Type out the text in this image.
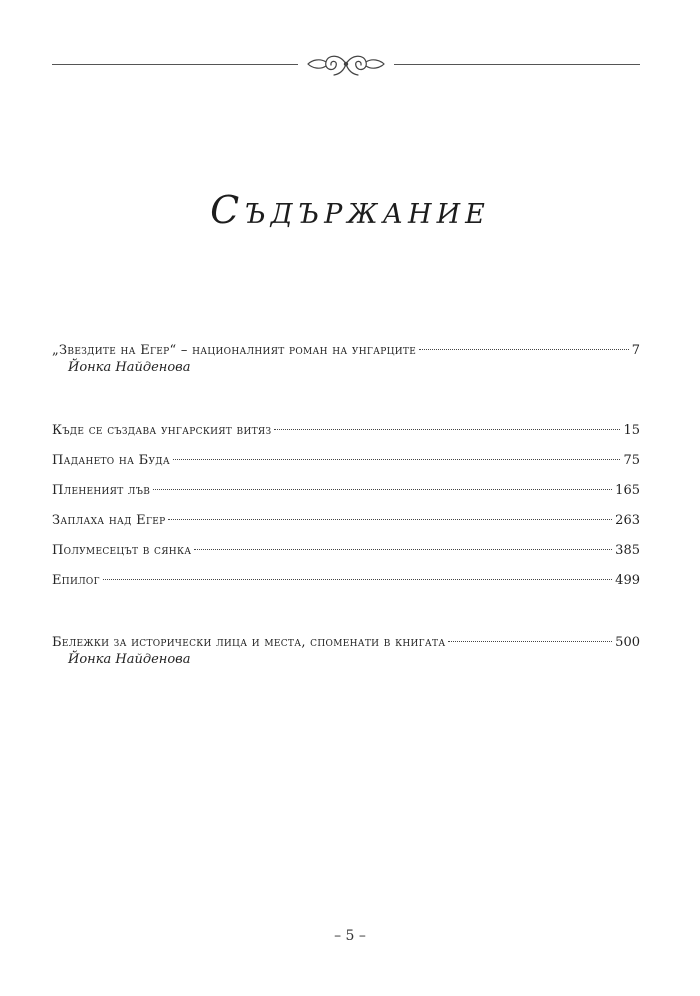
Съдържание
„Звездите на Егер“ – националният роман на унгарците	7
Йонка Найденова
Къде се създава унгарският витяз	15
Падането на Буда	75
Плененият лъв	165
Заплаха над Егер	263
Полумесецът в сянка	385
Епилог	499
Бележки за исторически лица и места, споменати в книгата	500
Йонка Найденова
– 5 –
